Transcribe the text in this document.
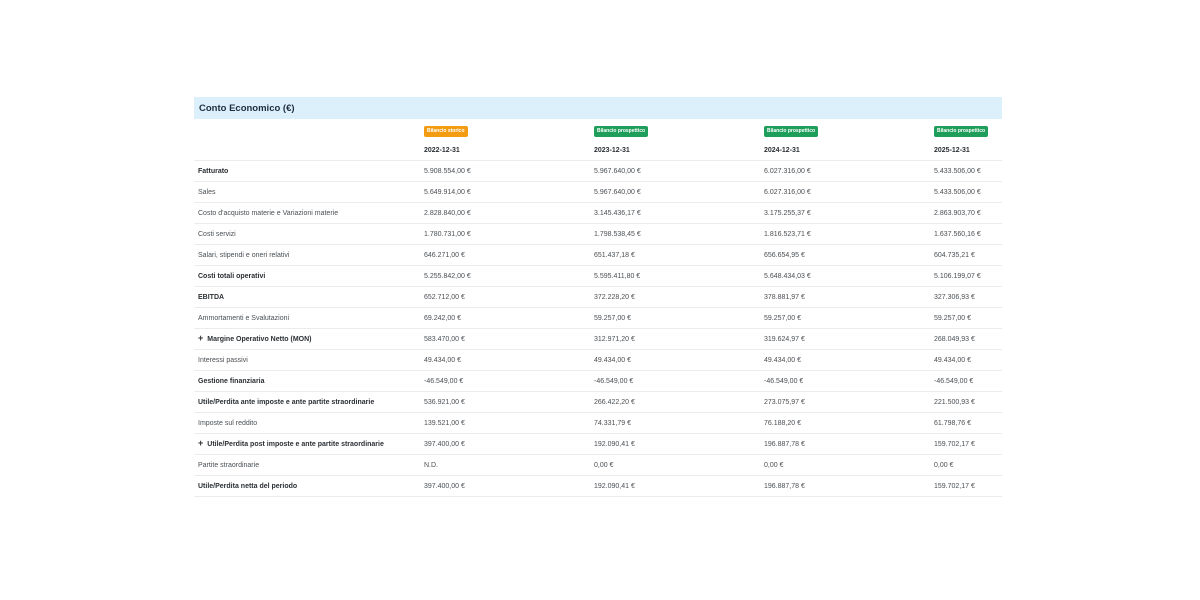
Conto Economico (€)
	Bilancio storico	Bilancio prospettico	Bilancio prospettico	Bilancio prospettico
	2022-12-31	2023-12-31	2024-12-31	2025-12-31
Fatturato	5.908.554,00 €	5.967.640,00 €	6.027.316,00 €	5.433.506,00 €
Sales	5.649.914,00 €	5.967.640,00 €	6.027.316,00 €	5.433.506,00 €
Costo d'acquisto materie e Variazioni materie	2.828.840,00 €	3.145.436,17 €	3.175.255,37 €	2.863.903,70 €
Costi servizi	1.780.731,00 €	1.798.538,45 €	1.816.523,71 €	1.637.560,16 €
Salari, stipendi e oneri relativi	646.271,00 €	651.437,18 €	656.654,95 €	604.735,21 €
Costi totali operativi	5.255.842,00 €	5.595.411,80 €	5.648.434,03 €	5.106.199,07 €
EBITDA	652.712,00 €	372.228,20 €	378.881,97 €	327.306,93 €
Ammortamenti e Svalutazioni	69.242,00 €	59.257,00 €	59.257,00 €	59.257,00 €
+ Margine Operativo Netto (MON)	583.470,00 €	312.971,20 €	319.624,97 €	268.049,93 €
Interessi passivi	49.434,00 €	49.434,00 €	49.434,00 €	49.434,00 €
Gestione finanziaria	-46.549,00 €	-46.549,00 €	-46.549,00 €	-46.549,00 €
Utile/Perdita ante imposte e ante partite straordinarie	536.921,00 €	266.422,20 €	273.075,97 €	221.500,93 €
Imposte sul reddito	139.521,00 €	74.331,79 €	76.188,20 €	61.798,76 €
+ Utile/Perdita post imposte e ante partite straordinarie	397.400,00 €	192.090,41 €	196.887,78 €	159.702,17 €
Partite straordinarie	N.D.	0,00 €	0,00 €	0,00 €
Utile/Perdita netta del periodo	397.400,00 €	192.090,41 €	196.887,78 €	159.702,17 €
